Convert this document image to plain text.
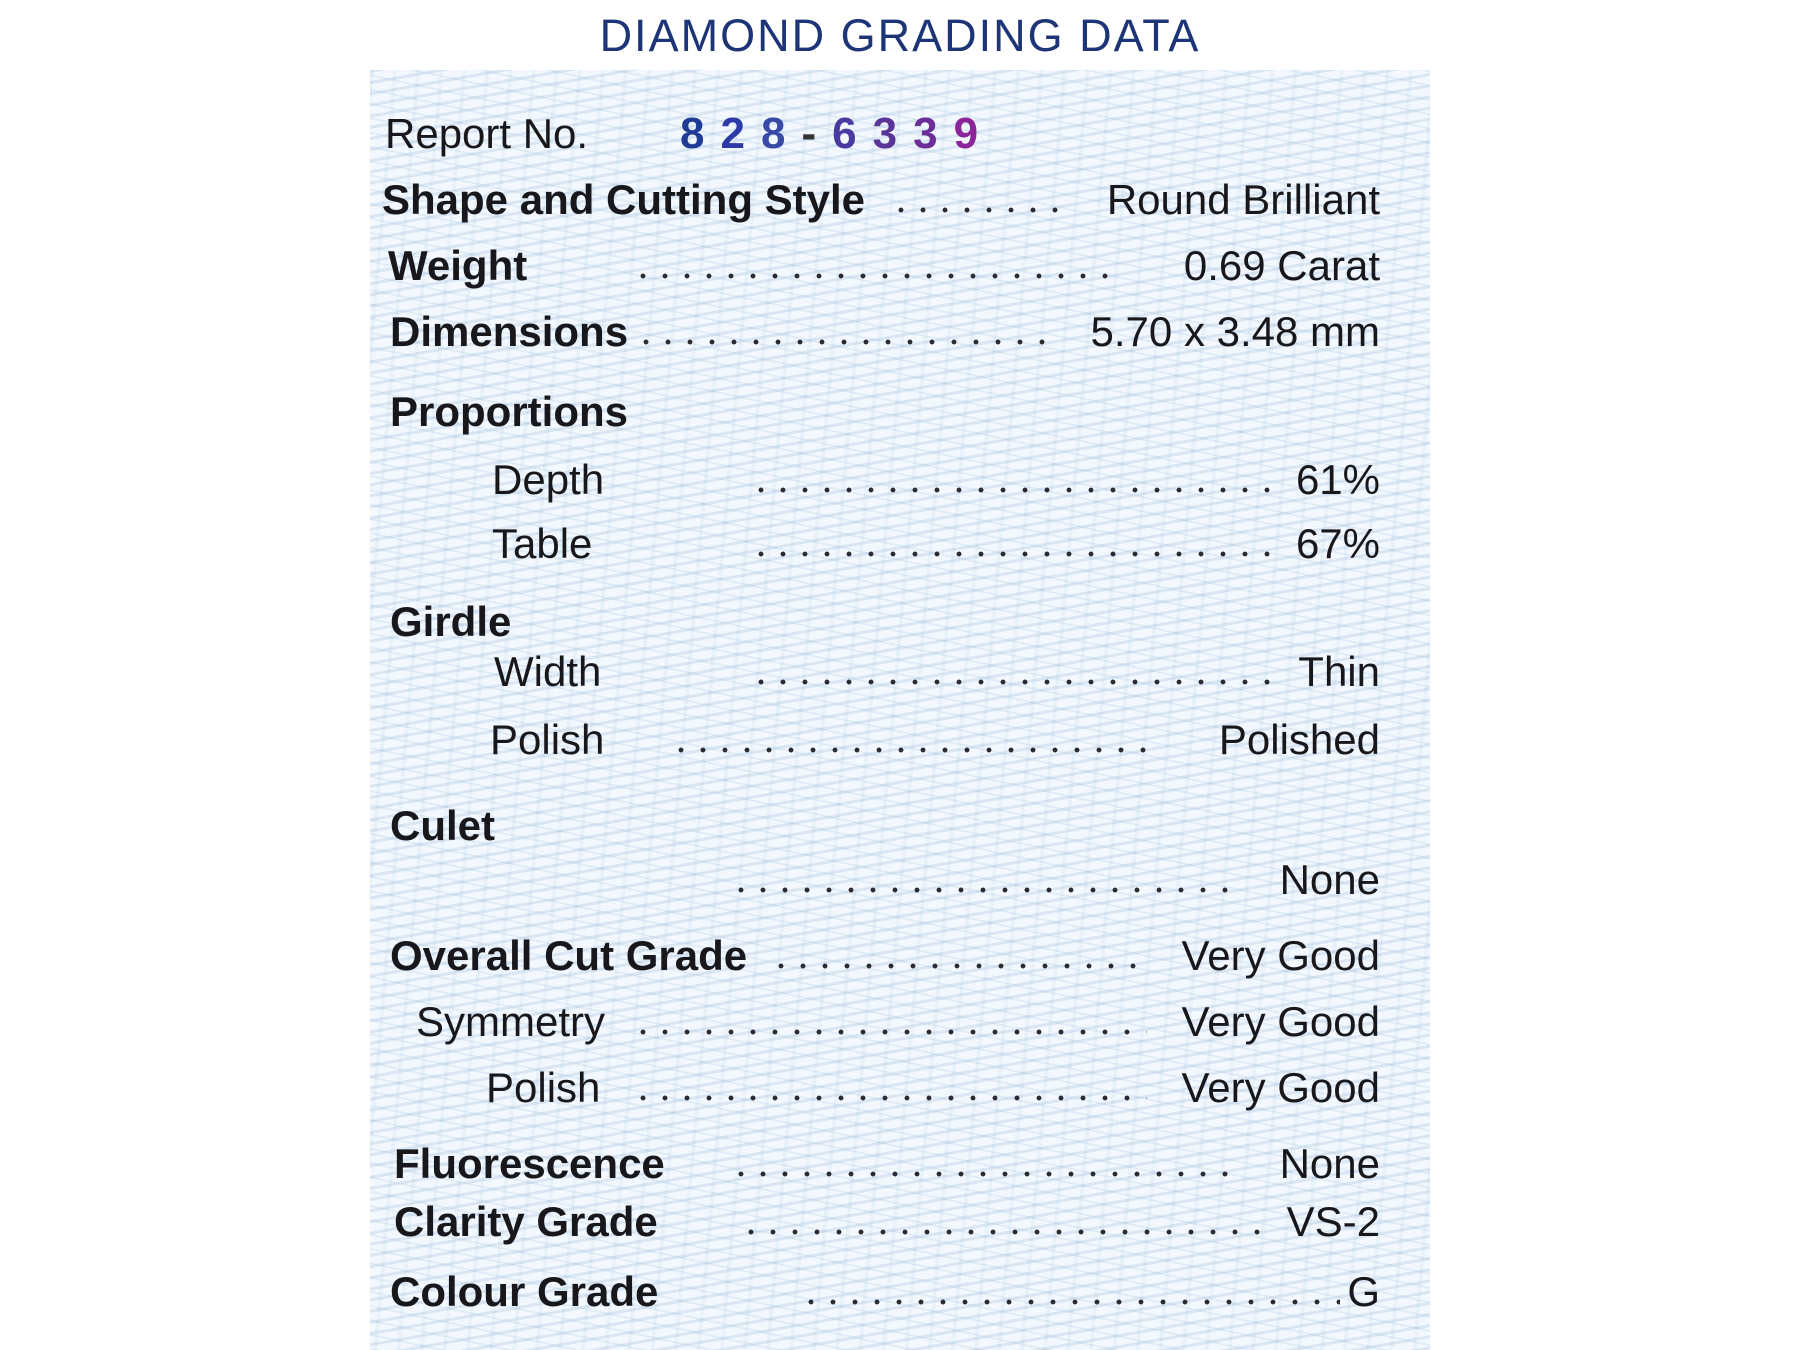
DIAMOND GRADING DATA
Report No. 8 2 8 - 6 3 3 9
Shape and Cutting Style	Round Brilliant
Weight	0.69 Carat
Dimensions	5.70 x 3.48 mm
Proportions
Depth	61%
Table	67%
Girdle
Width	Thin
Polish	Polished
Culet
None
Overall Cut Grade	Very Good
Symmetry	Very Good
Polish	Very Good
Fluorescence	None
Clarity Grade	VS-2
Colour Grade	G
